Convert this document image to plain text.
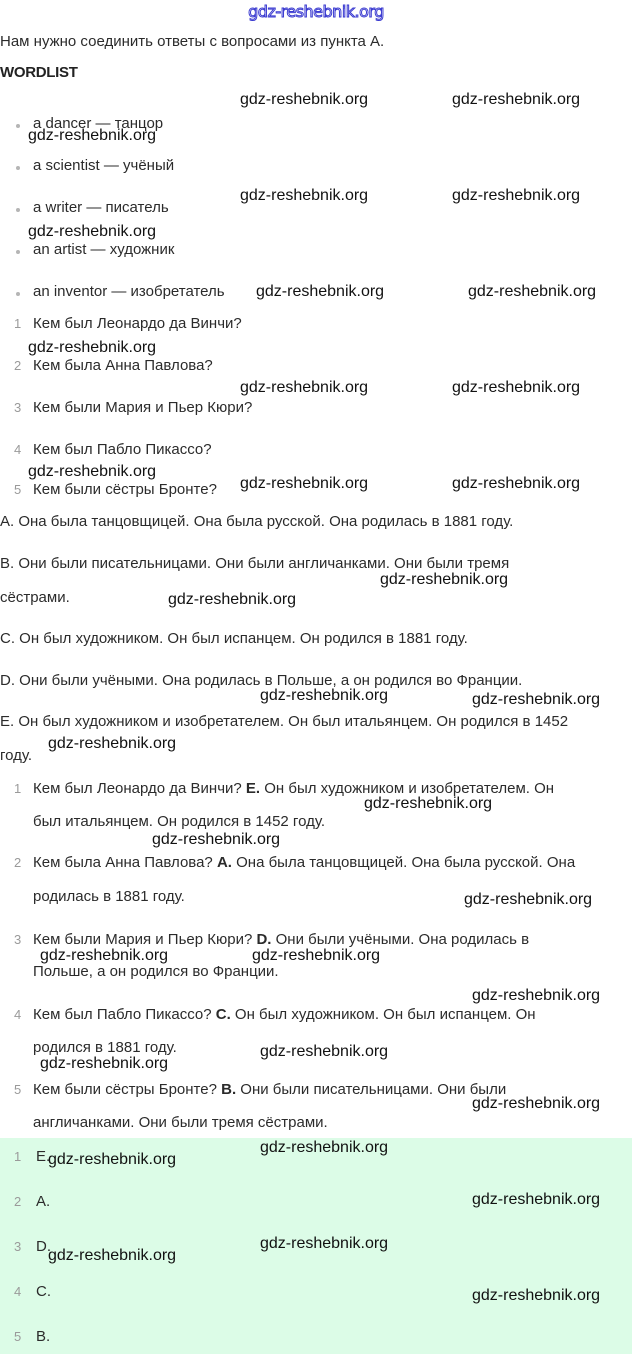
gdz-reshebnik.org
Нам нужно соединить ответы с вопросами из пункта А.
WORDLIST
a dancer — танцор
a scientist — учёный
a writer — писатель
an artist — художник
an inventor — изобретатель
1 Кем был Леонардо да Винчи?
2 Кем была Анна Павлова?
3 Кем были Мария и Пьер Кюри?
4 Кем был Пабло Пикассо?
5 Кем были сёстры Бронте?
A. Она была танцовщицей. Она была русской. Она родилась в 1881 году.
B. Они были писательницами. Они были англичанками. Они были тремя
сёстрами.
C. Он был художником. Он был испанцем. Он родился в 1881 году.
D. Они были учёными. Она родилась в Польше, а он родился во Франции.
E. Он был художником и изобретателем. Он был итальянцем. Он родился в 1452
году.
1 Кем был Леонардо да Винчи? E. Он был художником и изобретателем. Он
был итальянцем. Он родился в 1452 году.
2 Кем была Анна Павлова? A. Она была танцовщицей. Она была русской. Она
родилась в 1881 году.
3 Кем были Мария и Пьер Кюри? D. Они были учёными. Она родилась в
Польше, а он родился во Франции.
4 Кем был Пабло Пикассо? C. Он был художником. Он был испанцем. Он
родился в 1881 году.
5 Кем были сёстры Бронте? B. Они были писательницами. Они были
англичанками. Они были тремя сёстрами.
1 E.
2 A.
3 D.
4 C.
5 B.
gdz-reshebnik.org	gdz-reshebnik.org
gdz-reshebnik.org
gdz-reshebnik.org	gdz-reshebnik.org
gdz-reshebnik.org
gdz-reshebnik.org	gdz-reshebnik.org
gdz-reshebnik.org
gdz-reshebnik.org	gdz-reshebnik.org
gdz-reshebnik.org
gdz-reshebnik.org	gdz-reshebnik.org
gdz-reshebnik.org
gdz-reshebnik.org
gdz-reshebnik.org	gdz-reshebnik.org
gdz-reshebnik.org
gdz-reshebnik.org
gdz-reshebnik.org
gdz-reshebnik.org
gdz-reshebnik.org	gdz-reshebnik.org
gdz-reshebnik.org
gdz-reshebnik.org
gdz-reshebnik.org
gdz-reshebnik.org
gdz-reshebnik.org
gdz-reshebnik.org
gdz-reshebnik.org
gdz-reshebnik.org
gdz-reshebnik.org
gdz-reshebnik.org
